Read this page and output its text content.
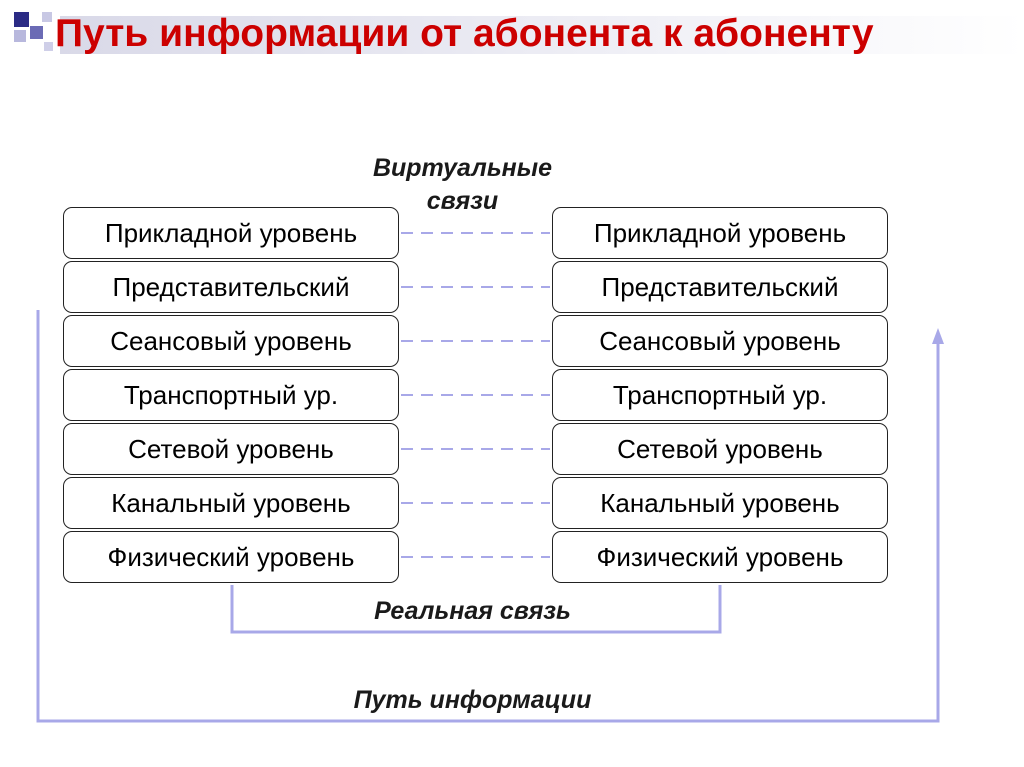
Путь информации от абонента к абоненту
Прикладной уровень
Представительский
Сеансовый уровень
Транспортный ур.
Сетевой уровень
Канальный уровень
Физический уровень
Прикладной уровень
Представительский
Сеансовый уровень
Транспортный ур.
Сетевой уровень
Канальный уровень
Физический уровень
Виртуальные
связи
Реальная связь
Путь информации
